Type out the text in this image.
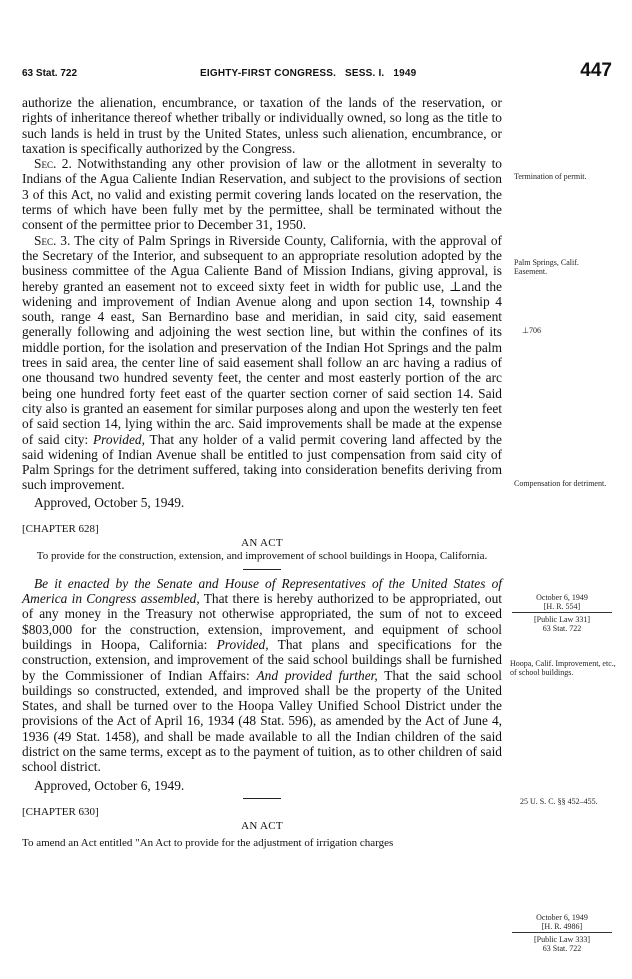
63 Stat. 722	EIGHTY-FIRST CONGRESS.   SESS. I.   1949	447

authorize the alienation, encumbrance, or taxation of the lands of the reservation, or rights of inheritance thereof whether tribally or individually owned, so long as the title to such lands is held in trust by the United States, unless such alienation, encumbrance, or taxation is specifically authorized by the Congress.

Sec. 2. Notwithstanding any other provision of law or the allotment in severalty to Indians of the Agua Caliente Indian Reservation, and subject to the provisions of section 3 of this Act, no valid and existing permit covering lands located on the reservation, the terms of which have been fully met by the permittee, shall be terminated without the consent of the permittee prior to December 31, 1950.

Sec. 3. The city of Palm Springs in Riverside County, California, with the approval of the Secretary of the Interior, and subsequent to an appropriate resolution adopted by the business committee of the Agua Caliente Band of Mission Indians, giving approval, is hereby granted an easement not to exceed sixty feet in width for public use, ⊥and the widening and improvement of Indian Avenue along and upon section 14, township 4 south, range 4 east, San Bernardino base and meridian, in said city, said easement generally following and adjoining the west section line, but within the confines of its middle portion, for the isolation and preservation of the Indian Hot Springs and the palm trees in said area, the center line of said easement shall follow an arc having a radius of one thousand two hundred seventy feet, the center and most easterly portion of the arc being one hundred forty feet east of the quarter section corner of said section 14. Said city also is granted an easement for similar purposes along and upon the westerly ten feet of said section 14, lying within the arc. Said improvements shall be made at the expense of said city: Provided, That any holder of a valid permit covering land affected by the said widening of Indian Avenue shall be entitled to just compensation from said city of Palm Springs for the detriment suffered, taking into consideration benefits deriving from such improvement.

Approved, October 5, 1949.

[CHAPTER 628]

AN ACT

To provide for the construction, extension, and improvement of school buildings in Hoopa, California.

Be it enacted by the Senate and House of Representatives of the United States of America in Congress assembled, That there is hereby authorized to be appropriated, out of any money in the Treasury not otherwise appropriated, the sum of not to exceed $803,000 for the construction, extension, improvement, and equipment of school buildings in Hoopa, California: Provided, That plans and specifications for the construction, extension, and improvement of the said school buildings shall be furnished by the Commissioner of Indian Affairs: And provided further, That the said school buildings so constructed, extended, and improved shall be the property of the United States, and shall be turned over to the Hoopa Valley Unified School District under the provisions of the Act of April 16, 1934 (48 Stat. 596), as amended by the Act of June 4, 1936 (49 Stat. 1458), and shall be made available to all the Indian children of the said district on the same terms, except as to the payment of tuition, as to other children of said school district.

Approved, October 6, 1949.

[CHAPTER 630]

AN ACT

To amend an Act entitled "An Act to provide for the adjustment of irrigation charges

Termination of permit.
Palm Springs, Calif. Easement.
⊥706
Compensation for detriment.
October 6, 1949
[H. R. 554]
[Public Law 331]
63 Stat. 722
Hoopa, Calif. Improvement, etc., of school buildings.
25 U. S. C. §§ 452–455.
October 6, 1949
[H. R. 4986]
[Public Law 333]
63 Stat. 722
